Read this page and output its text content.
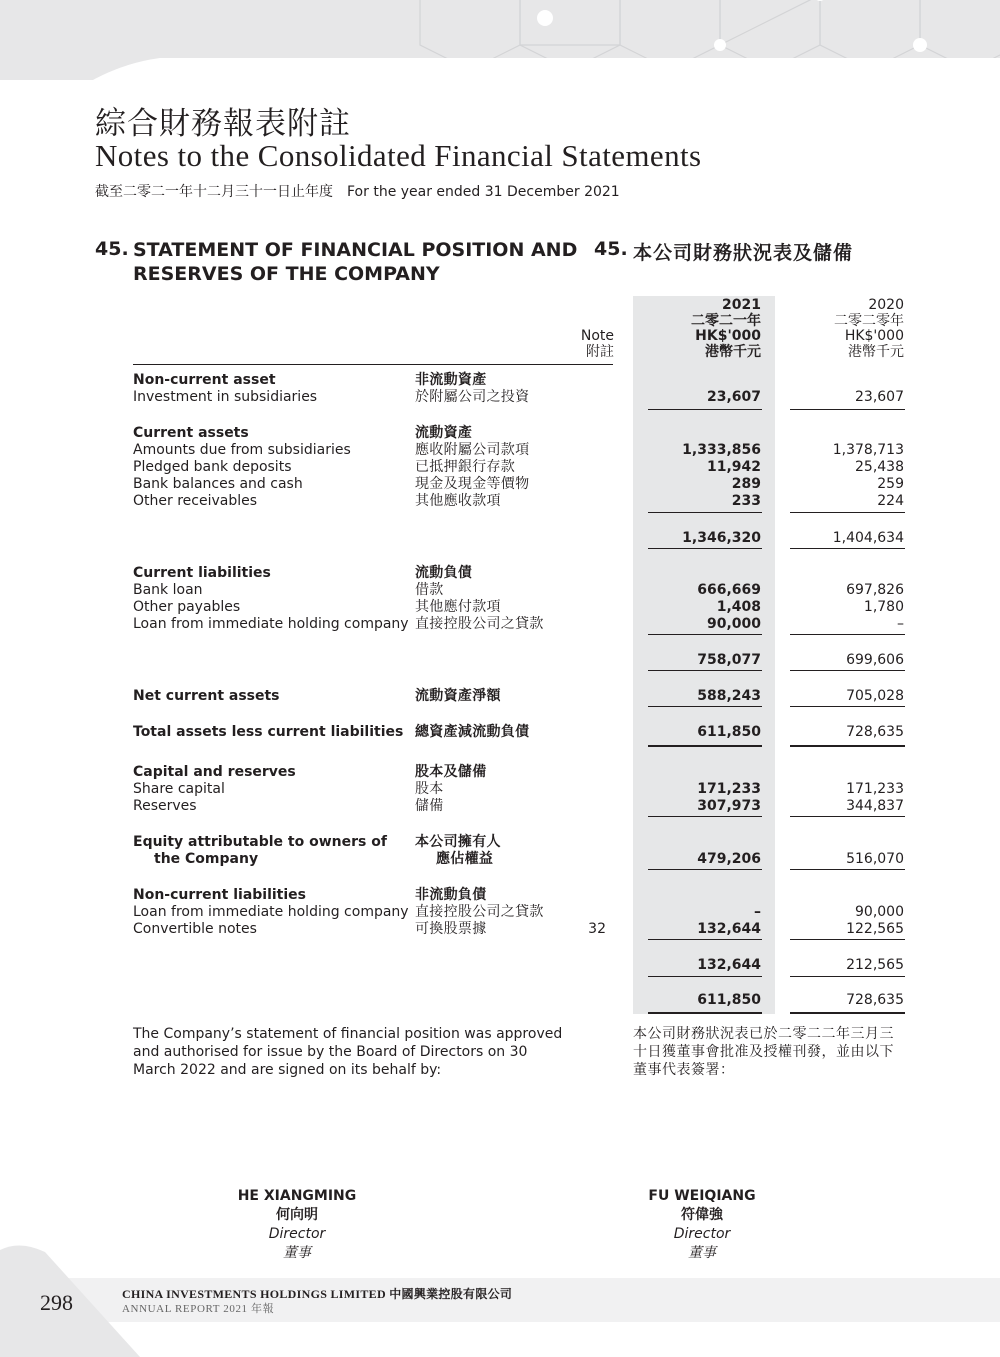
綜合財務報表附註
Notes to the Consolidated Financial Statements
截至二零二一年十二月三十一日止年度 For the year ended 31 December 2021
45. STATEMENT OF FINANCIAL POSITION AND
RESERVES OF THE COMPANY
45. 本公司財務狀況表及儲備
Note
附註
2021
二零二一年
HK$'000
港幣千元
2020
二零二零年
HK$'000
港幣千元
Non-current asset	非流動資產
Investment in subsidiaries	於附屬公司之投資	23,607	23,607
Current assets	流動資產
Amounts due from subsidiaries	應收附屬公司款項	1,333,856	1,378,713
Pledged bank deposits	已抵押銀行存款	11,942	25,438
Bank balances and cash	現金及現金等價物	289	259
Other receivables	其他應收款項	233	224
1,346,320	1,404,634
Current liabilities	流動負債
Bank loan	借款	666,669	697,826
Other payables	其他應付款項	1,408	1,780
Loan from immediate holding company 直接控股公司之貸款	90,000	–
758,077	699,606
Net current assets	流動資產淨額	588,243	705,028
Total assets less current liabilities 總資產減流動負債	611,850	728,635
Capital and reserves	股本及儲備
Share capital	股本	171,233	171,233
Reserves	儲備	307,973	344,837
Equity attributable to owners of 本公司擁有人
the Company	應佔權益	479,206	516,070
Non-current liabilities	非流動負債
Loan from immediate holding company 直接控股公司之貸款	–	90,000
Convertible notes	可換股票據	32	132,644	122,565
132,644	212,565
611,850	728,635
The Company’s statement of financial position was approved and authorised for issue by the Board of Directors on 30 March 2022 and are signed on its behalf by:
本公司財務狀況表已於二零二二年三月三十日獲董事會批准及授權刊發，並由以下董事代表簽署：
HE XIANGMING
何向明
Director
董事
FU WEIQIANG
符偉強
Director
董事
298	CHINA INVESTMENTS HOLDINGS LIMITED 中國興業控股有限公司
ANNUAL REPORT 2021 年報
